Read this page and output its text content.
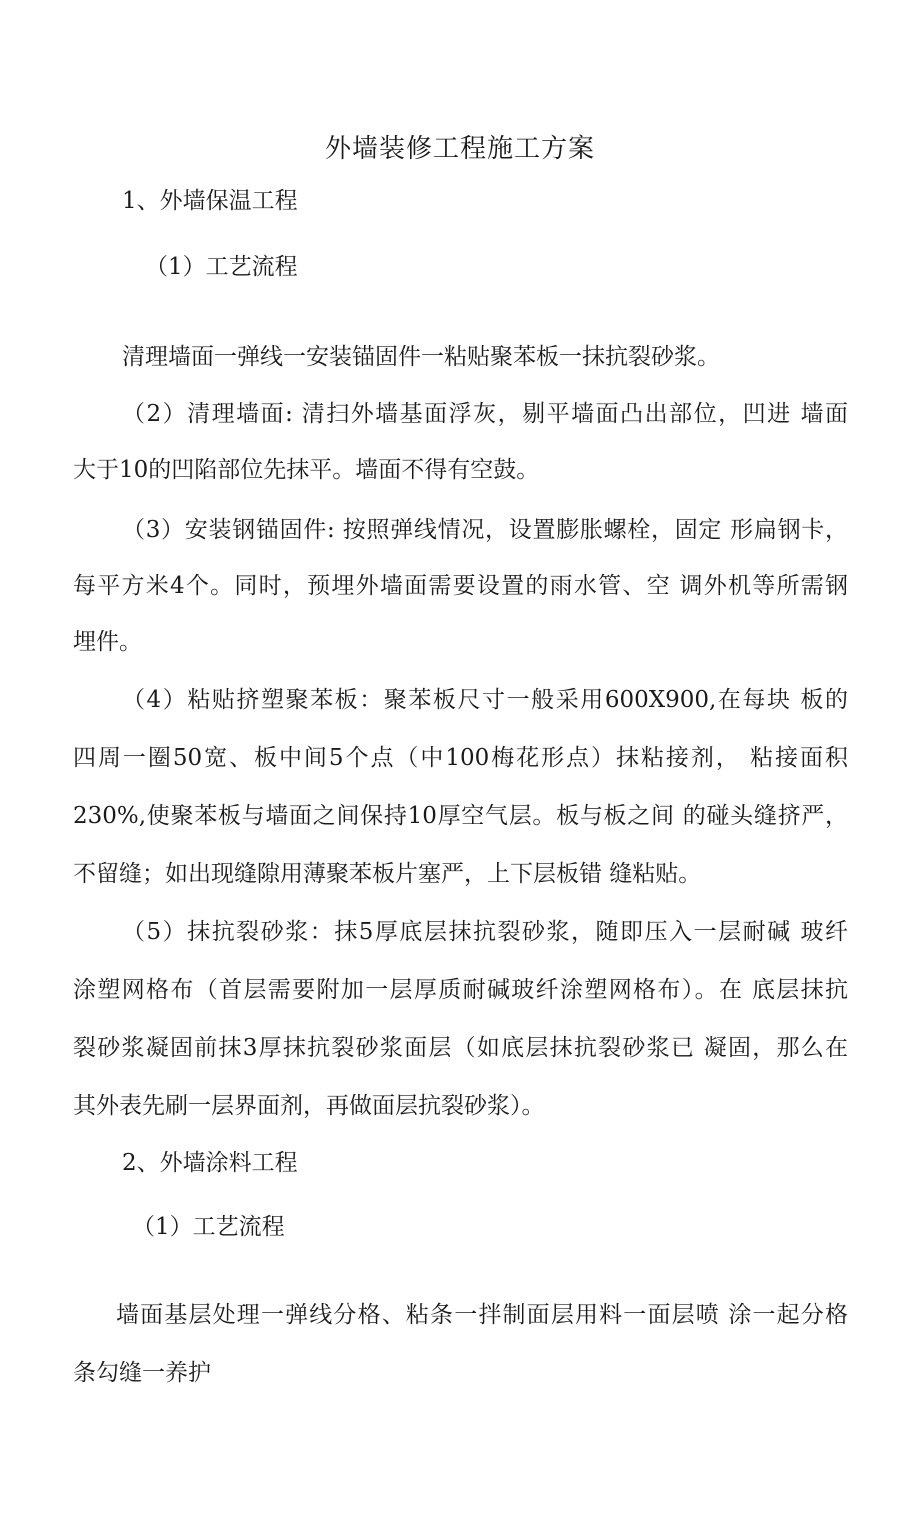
外墙装修工程施工方案
1、外墙保温工程
（1）工艺流程
清理墙面一弹线一安装锚固件一粘贴聚苯板一抹抗裂砂浆。
（2）清理墙面: 清扫外墙基面浮灰，剔平墙面凸出部位，凹进 墙面
大于10的凹陷部位先抹平。墙面不得有空鼓。
（3）安装钢锚固件: 按照弹线情况，设置膨胀螺栓，固定 形扁钢卡，
每平方米4个。同时，预埋外墙面需要设置的雨水管、空 调外机等所需钢
埋件。
（4）粘贴挤塑聚苯板：聚苯板尺寸一般采用600X900,在每块 板的
四周一圈50宽、板中间5个点（中100梅花形点）抹粘接剂， 粘接面积
230%,使聚苯板与墙面之间保持10厚空气层。板与板之间 的碰头缝挤严，
不留缝；如出现缝隙用薄聚苯板片塞严，上下层板错 缝粘贴。
（5）抹抗裂砂浆：抹5厚底层抹抗裂砂浆，随即压入一层耐碱 玻纤
涂塑网格布（首层需要附加一层厚质耐碱玻纤涂塑网格布）。在 底层抹抗
裂砂浆凝固前抹3厚抹抗裂砂浆面层（如底层抹抗裂砂浆已 凝固，那么在
其外表先刷一层界面剂，再做面层抗裂砂浆）。
2、外墙涂料工程
（1）工艺流程
墙面基层处理一弹线分格、粘条一拌制面层用料一面层喷 涂一起分格
条勾缝一养护
